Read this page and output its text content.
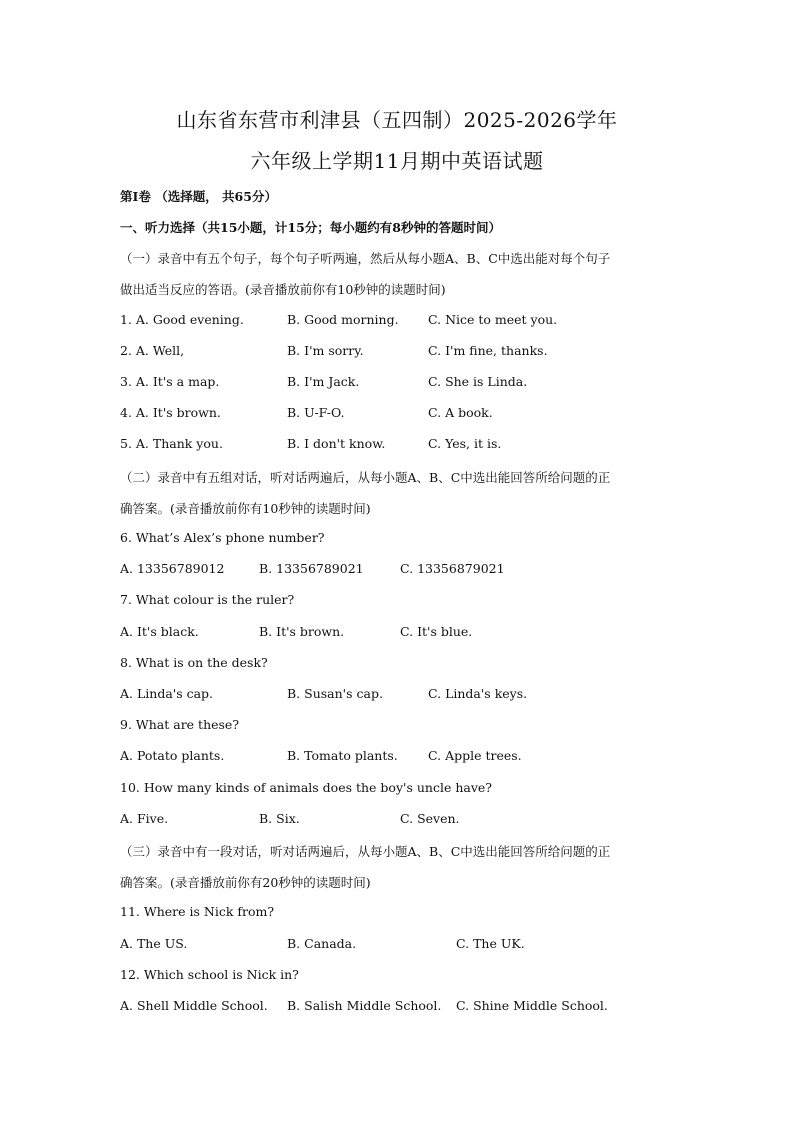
山东省东营市利津县（五四制）2025-2026学年
六年级上学期11月期中英语试题
第Ⅰ卷 （选择题， 共65分）
一、听力选择（共15小题，计15分；每小题约有8秒钟的答题时间）
（一）录音中有五个句子，每个句子听两遍，然后从每小题A、B、C中选出能对每个句子
做出适当反应的答语。(录音播放前你有10秒钟的读题时间)
1. A. Good evening.	B. Good morning. C. Nice to meet you.
2. A. Well,	B. I'm sorry.	C. I'm fine, thanks.
3. A. It's a map.	B. I'm Jack.	C. She is Linda.
4. A. It's brown.	B. U-F-O.	C. A book.
5. A. Thank you.	B. I don't know.	C. Yes, it is.
（二）录音中有五组对话，听对话两遍后，从每小题A、B、C中选出能回答所给问题的正
确答案。(录音播放前你有10秒钟的读题时间)
6. What’s Alex’s phone number?
A. 13356789012	B. 13356789021	C. 13356879021
7. What colour is the ruler?
A. It's black.	B. It's brown.	C. It's blue.
8. What is on the desk?
A. Linda's cap.	B. Susan's cap.	C. Linda's keys.
9. What are these?
A. Potato plants.	B. Tomato plants. C. Apple trees.
10. How many kinds of animals does the boy's uncle have?
A. Five.	B. Six.	C. Seven.
（三）录音中有一段对话，听对话两遍后，从每小题A、B、C中选出能回答所给问题的正
确答案。(录音播放前你有20秒钟的读题时间)
11. Where is Nick from?
A. The US.	B. Canada.	C. The UK.
12. Which school is Nick in?
A. Shell Middle School. B. Salish Middle School. C. Shine Middle School.
